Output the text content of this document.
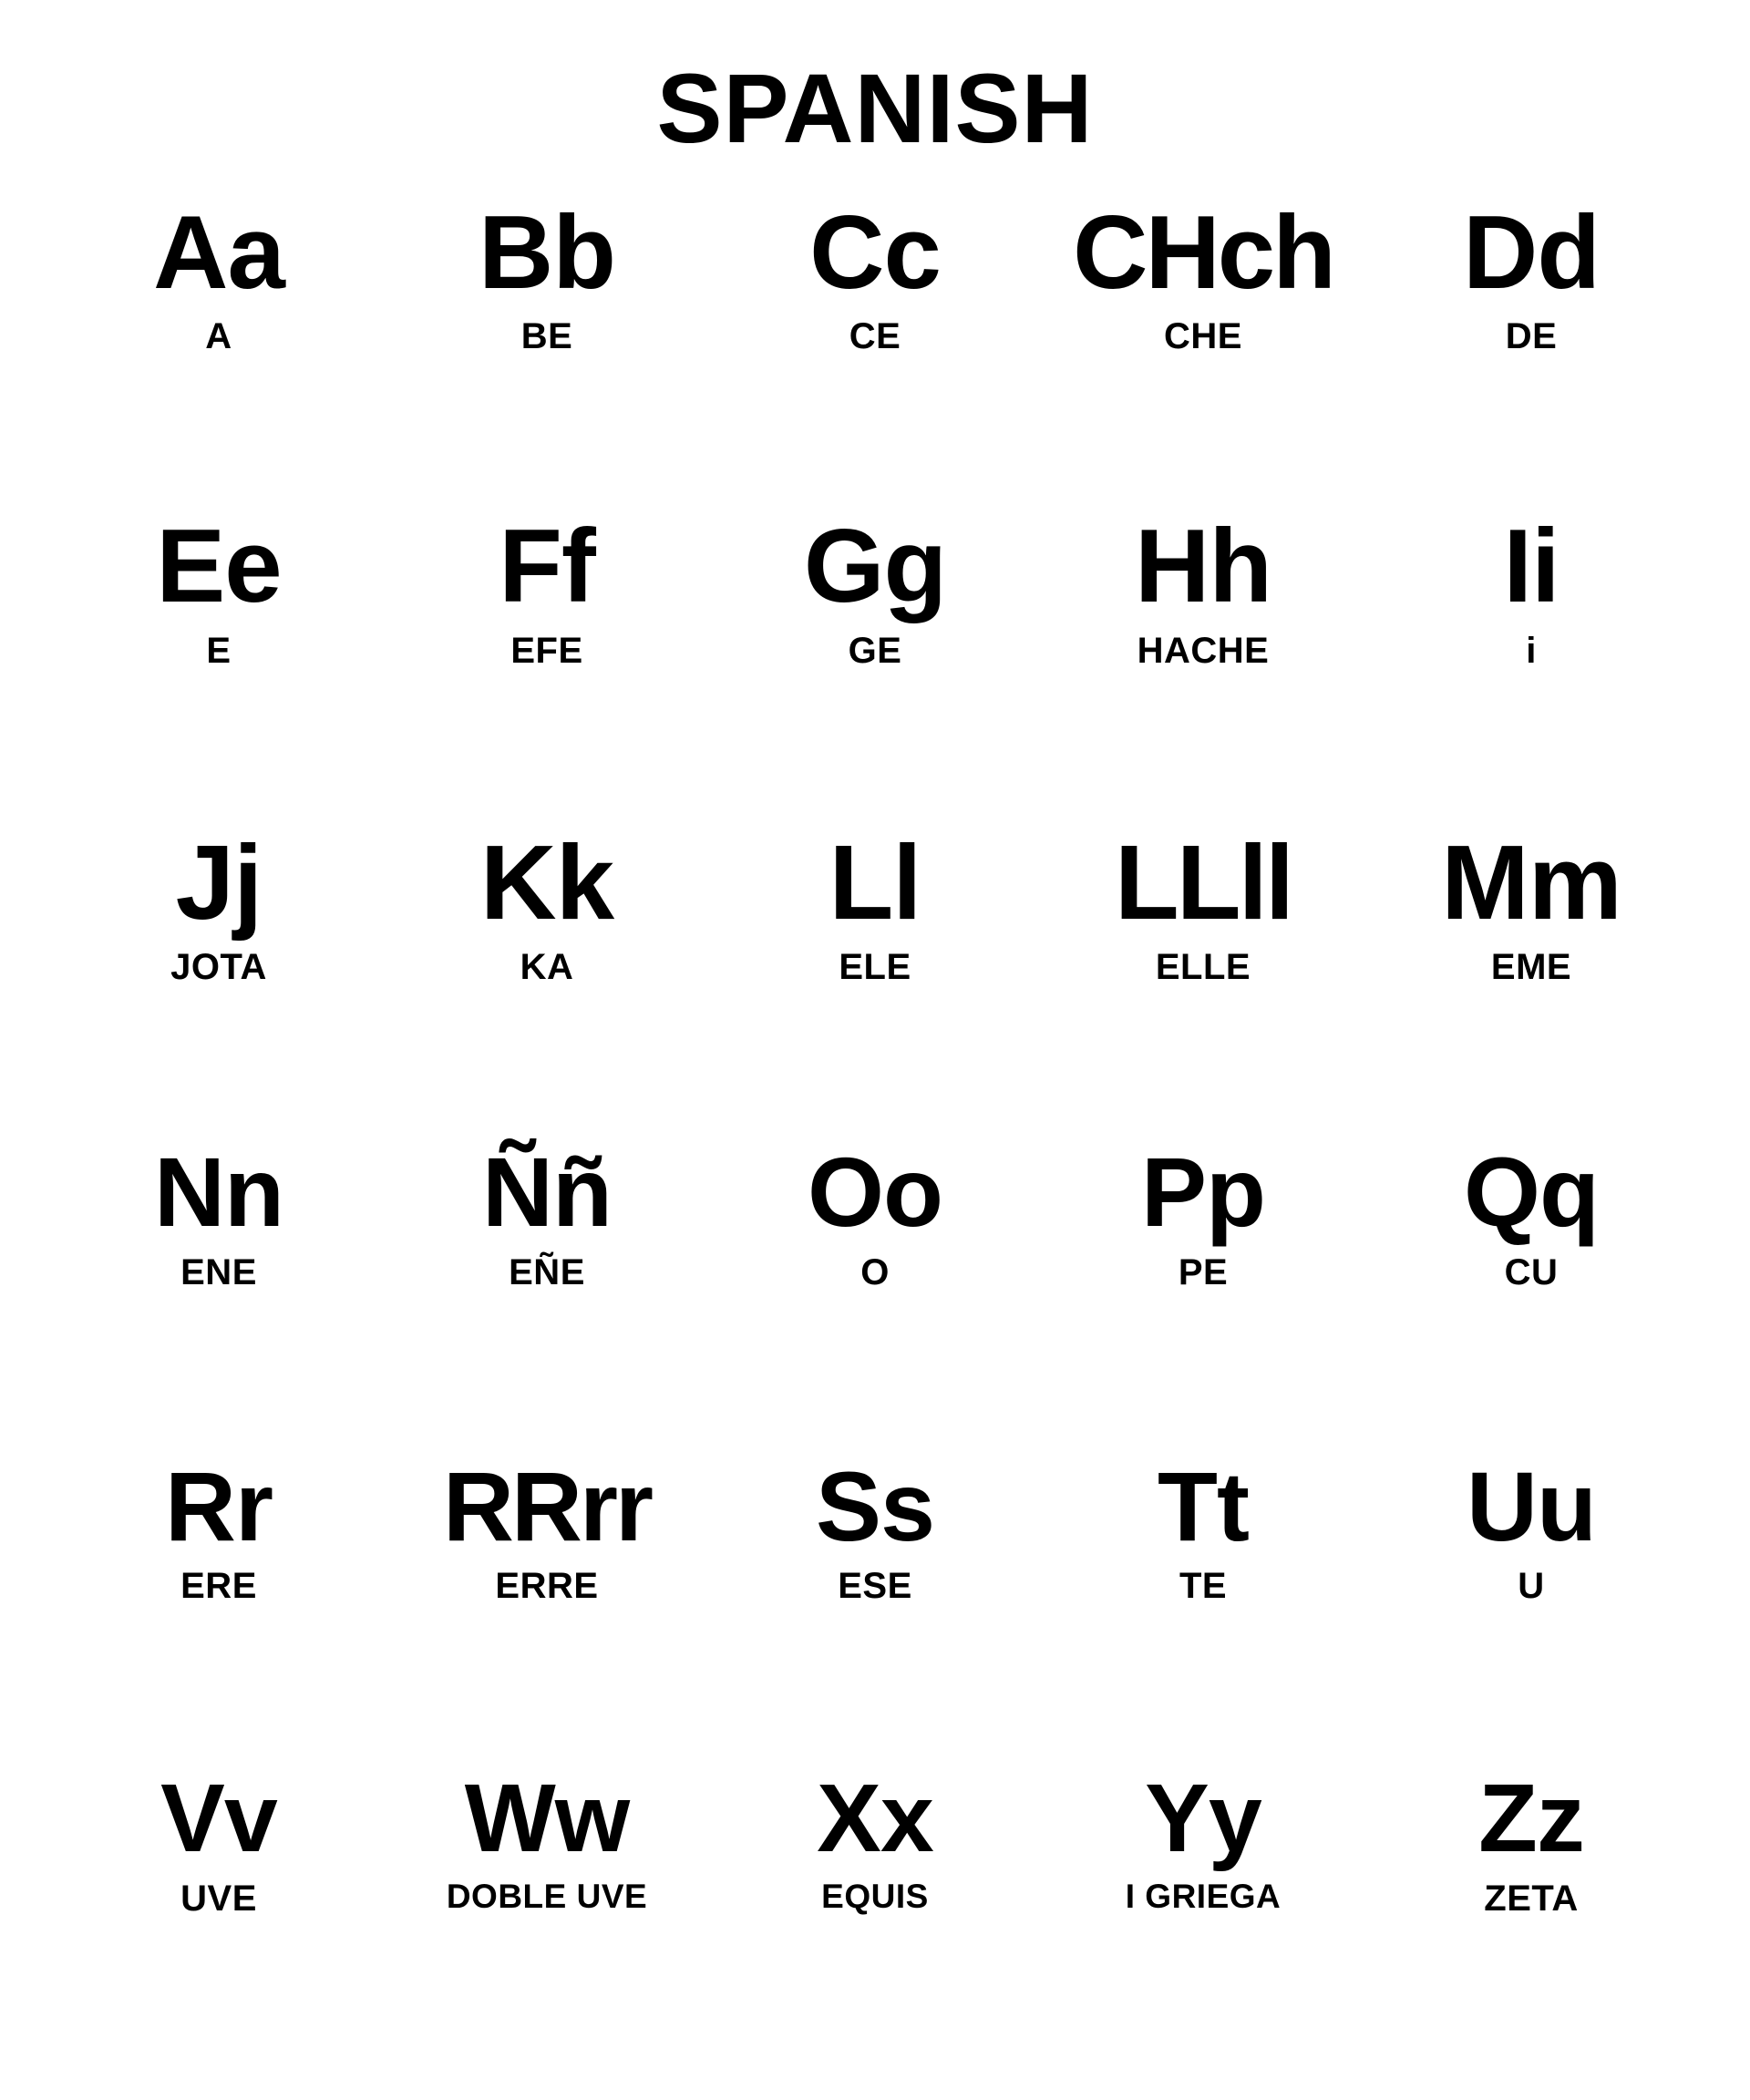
SPANISH
Aa
A
Bb
BE
Cc
CE
CHch
CHE
Dd
DE
Ee
E
Ff
EFE
Gg
GE
Hh
HACHE
Ii
i
Jj
JOTA
Kk
KA
Ll
ELE
LLll
ELLE
Mm
EME
Nn
ENE
Ññ
EÑE
Oo
O
Pp
PE
Qq
CU
Rr
ERE
RRrr
ERRE
Ss
ESE
Tt
TE
Uu
U
Vv
UVE
Ww
DOBLE UVE
Xx
EQUIS
Yy
I GRIEGA
Zz
ZETA
